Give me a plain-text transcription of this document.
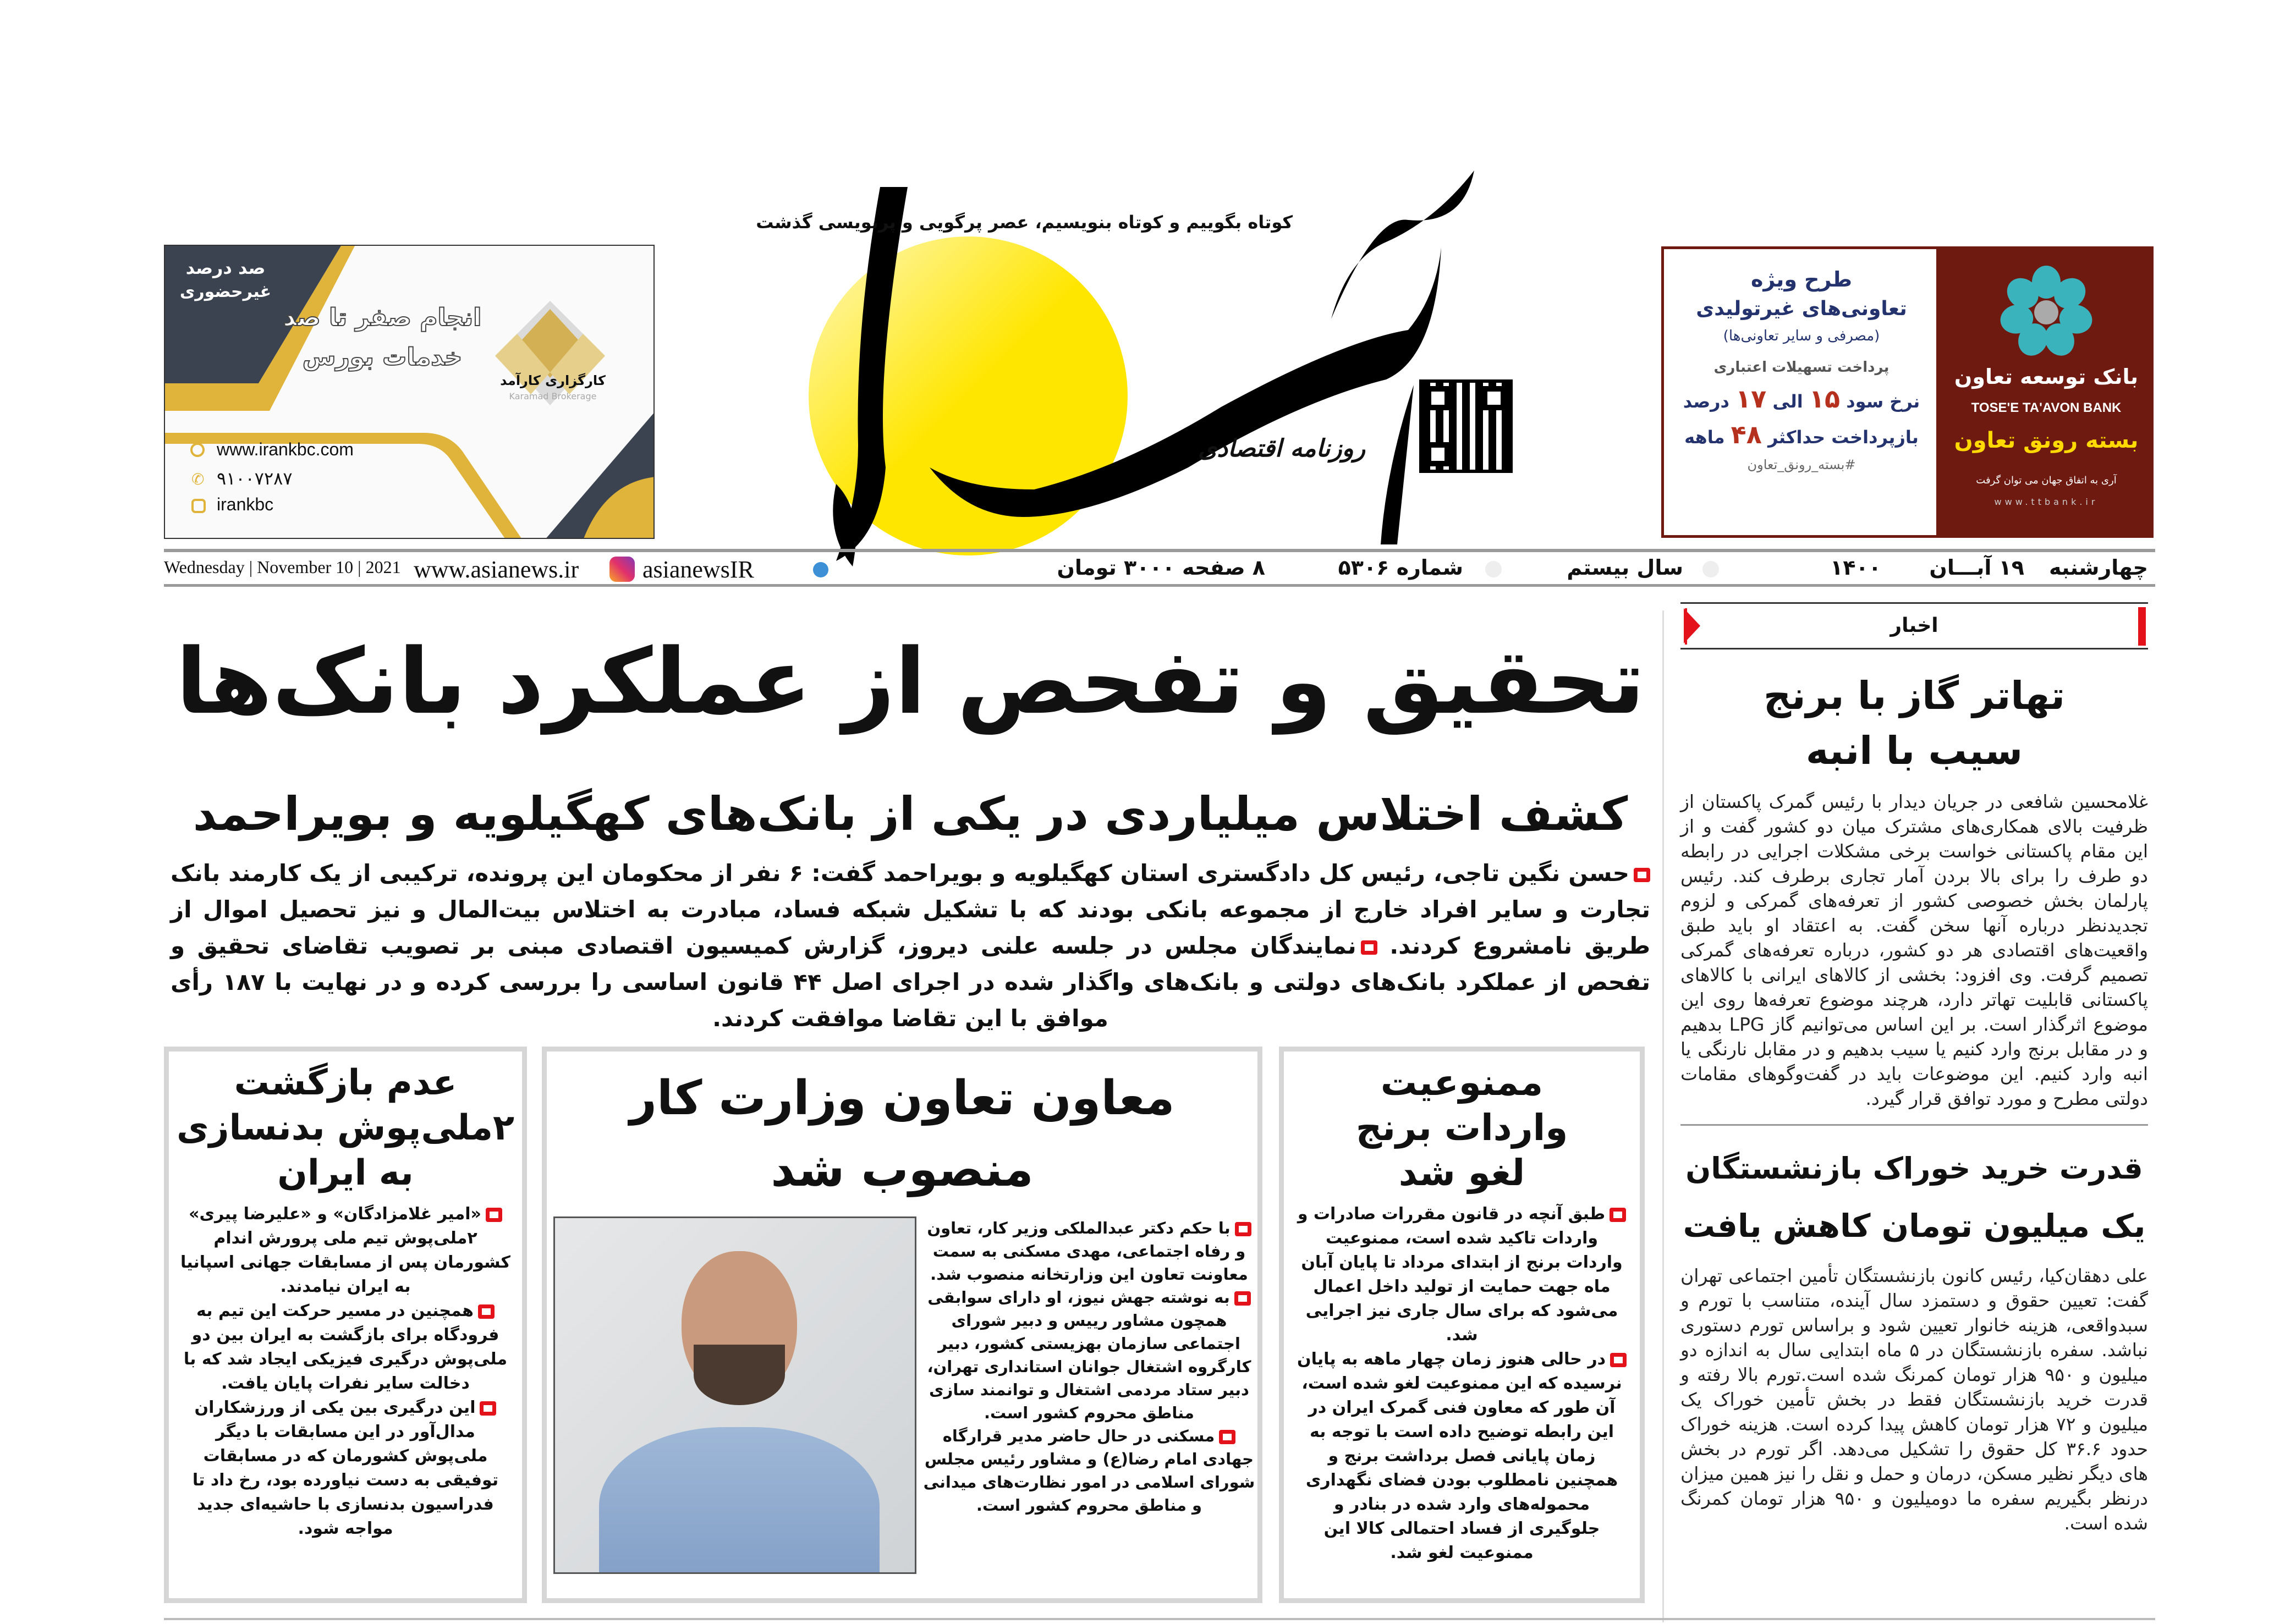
صد درصد
غیرحضوری
انجام صفر تا صد
خدمات بورس
کارگزاری کارآمد
Karamad Brokerage
www.irankbc.com
✆ ۹۱۰۰۷۲۸۷
irankbc
کوتاه بگوییم و کوتاه بنویسیم، عصر پرگویی و پرنویسی گذشت
روزنامه اقتصادی
طرح ویژه
تعاونی‌های غیرتولیدی
(مصرفی و سایر تعاونی‌ها)
پرداخت تسهیلات اعتباری
نرخ سود ۱۵ الی ۱۷ درصد
بازپرداخت حداکثر ۴۸ ماهه
#بسته_رونق_تعاون
بانک توسعه تعاون
TOSE'E TA'AVON BANK
بسته رونق تعاون
آری به اتفاق جهان می توان گرفت
www.ttbank.ir
Wednesday | November 10 | 2021 www.asianews.ir	asianewsIR	۸ صفحه ۳۰۰۰ تومان	شماره ۵۳۰۶	سال بیستم	۱۴۰۰ ۱۹ آبـــان چهارشنبه
تحقیق و تفحص از عملکرد بانک‌ها
کشف اختلاس میلیاردی در یکی از بانک‌های کهگیلویه و بویراحمد
حسن نگین تاجی، رئیس کل دادگستری استان کهگیلویه و بویراحمد گفت: ۶ نفر از محکومان این پرونده، ترکیبی از یک کارمند بانک تجارت و سایر افراد خارج از مجموعه بانکی بودند که با تشکیل شبکه فساد، مبادرت به اختلاس بیت‌المال و نیز تحصیل اموال از طریق نامشروع کردند. نمایندگان مجلس در جلسه علنی دیروز، گزارش کمیسیون اقتصادی مبنی بر تصویب تقاضای تحقیق و تفحص از عملکرد بانک‌های دولتی و بانک‌های واگذار شده در اجرای اصل ۴۴ قانون اساسی را بررسی کرده و در نهایت با ۱۸۷ رأی موافق با این تقاضا موافقت کردند.
ممنوعیت
واردات برنج
لغو شد
طبق آنچه در قانون مقررات صادرات و واردات تاکید شده است، ممنوعیت واردات برنج از ابتدای مرداد تا پایان آبان ماه جهت حمایت از تولید داخل اعمال می‌شود که برای سال جاری نیز اجرایی شد.
در حالی هنوز زمان چهار ماهه به پایان نرسیده که این ممنوعیت لغو شده است، آن طور که معاون فنی گمرک ایران در این رابطه توضیح داده است با توجه به زمان پایانی فصل برداشت برنج و همچنین نامطلوب بودن فضای نگهداری محموله‌های وارد شده در بنادر و جلوگیری از فساد احتمالی کالا این ممنوعیت لغو شد.
معاون تعاون وزارت کار
منصوب شد
با حکم دکتر عبدالملکی وزیر کار، تعاون و رفاه اجتماعی، مهدی مسکنی به سمت معاونت تعاون این وزارتخانه منصوب شد.
به نوشته جهش نیوز، او دارای سوابقی همچون مشاور رییس و دبیر شورای اجتماعی سازمان بهزیستی کشور، دبیر کارگروه اشتغال جوانان استانداری تهران، دبیر ستاد مردمی اشتغال و توانمند سازی مناطق محروم کشور است.
مسکنی در حال حاضر مدیر قرارگاه جهادی امام رضا(ع) و مشاور رئیس مجلس شورای اسلامی در امور نظارت‌های میدانی و مناطق محروم کشور است.
عدم بازگشت
۲ملی‌پوش بدنسازی
به ایران
«امیر غلامزادگان» و «علیرضا پیری» ۲ملی‌پوش تیم ملی پرورش اندام کشورمان پس از مسابقات جهانی اسپانیا به ایران نیامدند.
همچنین در مسیر حرکت این تیم به فرودگاه برای بازگشت به ایران بین دو ملی‌پوش درگیری فیزیکی ایجاد شد که با دخالت سایر نفرات پایان یافت.
این درگیری بین یکی از ورزشکاران مدال‌آور در این مسابقات با دیگر ملی‌پوش کشورمان که در مسابقات توفیقی به دست نیاورده بود، رخ داد تا فدراسیون بدنسازی با حاشیه‌ای جدید مواجه شود.
اخبار
تهاتر گاز با برنج
سیب با انبه

غلامحسین شافعی در جریان دیدار با رئیس گمرک پاکستان از ظرفیت بالای همکاری‌های مشترک میان دو کشور گفت و از این مقام پاکستانی خواست برخی مشکلات اجرایی در رابطه دو طرف را برای بالا بردن آمار تجاری برطرف کند. رئیس پارلمان بخش خصوصی کشور از تعرفه‌های گمرکی و لزوم تجدیدنظر درباره آنها سخن گفت. به اعتقاد او باید طبق واقعیت‌های اقتصادی هر دو کشور، درباره تعرفه‌های گمرکی تصمیم گرفت. وی افزود: بخشی از کالاهای ایرانی با کالاهای پاکستانی قابلیت تهاتر دارد، هرچند موضوع تعرفه‌ها روی این موضوع اثرگذار است. بر این اساس می‌توانیم گاز LPG بدهیم و در مقابل برنج وارد کنیم یا سیب بدهیم و در مقابل نارنگی یا انبه وارد کنیم. این موضوعات باید در گفت‌وگوهای مقامات دولتی مطرح و مورد توافق قرار گیرد.

قدرت خرید خوراک بازنشستگان
یک میلیون تومان کاهش یافت

علی دهقان‌کیا، رئیس کانون بازنشستگان تأمین اجتماعی تهران گفت: تعیین حقوق و دستمزد سال آینده، متناسب با تورم و سبدواقعی، هزینه خانوار تعیین شود و براساس تورم دستوری نباشد. سفره بازنشستگان در ۵ ماه ابتدایی سال به اندازه دو میلیون و ۹۵۰ هزار تومان کمرنگ شده است.تورم بالا رفته و قدرت خرید بازنشستگان فقط در بخش تأمین خوراک یک میلیون و ۷۲ هزار تومان کاهش پیدا کرده است. هزینه خوراک حدود ۳۶.۶ کل حقوق را تشکیل می‌دهد. اگر تورم در بخش های دیگر نظیر مسکن، درمان و حمل و نقل را نیز همین میزان درنظر بگیریم سفره ما دومیلیون و ۹۵۰ هزار تومان کمرنگ شده است.
